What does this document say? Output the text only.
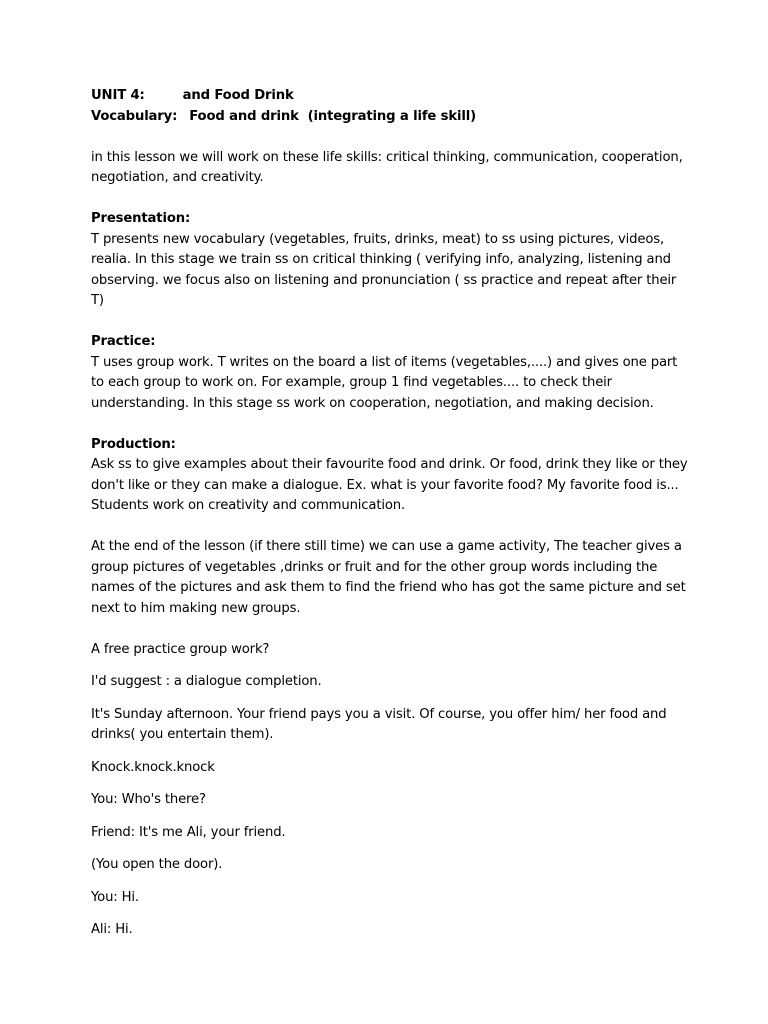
UNIT 4:	and Food Drink

Vocabulary: Food and drink  (integrating a life skill)

in this lesson we will work on these life skills: critical thinking, communication, cooperation, negotiation, and creativity.

Presentation:

T presents new vocabulary (vegetables, fruits, drinks, meat) to ss using pictures, videos, realia. In this stage we train ss on critical thinking ( verifying info, analyzing, listening and observing. we focus also on listening and pronunciation ( ss practice and repeat after their T)

Practice:

T uses group work. T writes on the board a list of items (vegetables,....) and gives one part to each group to work on. For example, group 1 find vegetables.... to check their understanding. In this stage ss work on cooperation, negotiation, and making decision.

Production:

Ask ss to give examples about their favourite food and drink. Or food, drink they like or they don't like or they can make a dialogue. Ex. what is your favorite food? My favorite food is... Students work on creativity and communication.

At the end of the lesson (if there still time) we can use a game activity, The teacher gives a group pictures of vegetables ,drinks or fruit and for the other group words including the names of the pictures and ask them to find the friend who has got the same picture and set next to him making new groups.

A free practice group work?

I'd suggest : a dialogue completion.

It's Sunday afternoon. Your friend pays you a visit. Of course, you offer him/ her food and drinks( you entertain them).

Knock.knock.knock

You: Who's there?

Friend: It's me Ali, your friend.

(You open the door).

You: Hi.

Ali: Hi.
